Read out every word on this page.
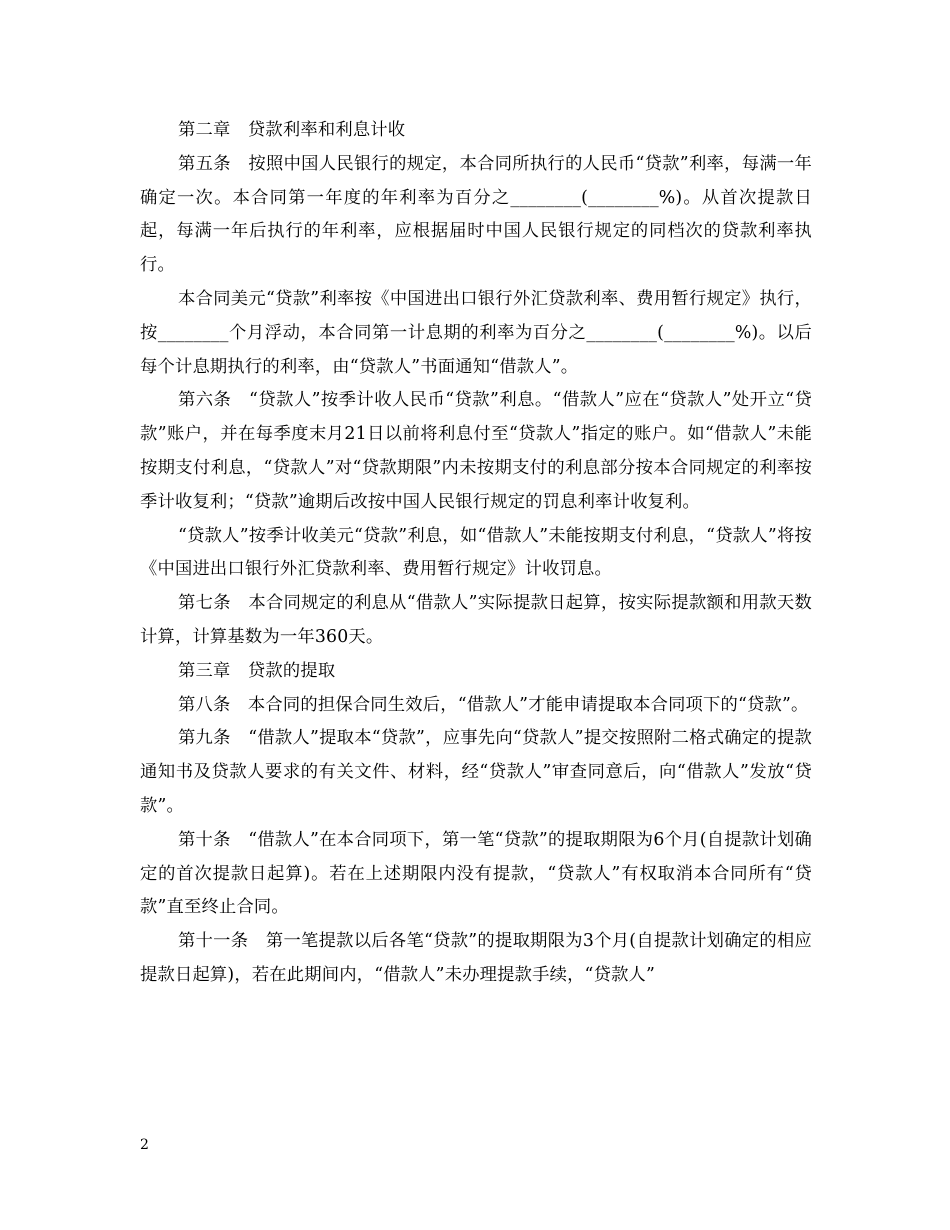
第二章　贷款利率和利息计收

第五条　按照中国人民银行的规定，本合同所执行的人民币“贷款”利率，每满一年确定一次。本合同第一年度的年利率为百分之________(________%)。从首次提款日起，每满一年后执行的年利率，应根据届时中国人民银行规定的同档次的贷款利率执行。

本合同美元“贷款”利率按《中国进出口银行外汇贷款利率、费用暂行规定》执行，按________个月浮动，本合同第一计息期的利率为百分之________(________%)。以后每个计息期执行的利率，由“贷款人”书面通知“借款人”。

第六条　“贷款人”按季计收人民币“贷款”利息。“借款人”应在“贷款人”处开立“贷款”账户，并在每季度末月21日以前将利息付至“贷款人”指定的账户。如“借款人”未能按期支付利息，“贷款人”对“贷款期限”内未按期支付的利息部分按本合同规定的利率按季计收复利；“贷款”逾期后改按中国人民银行规定的罚息利率计收复利。

“贷款人”按季计收美元“贷款”利息，如“借款人”未能按期支付利息，“贷款人”将按《中国进出口银行外汇贷款利率、费用暂行规定》计收罚息。

第七条　本合同规定的利息从“借款人”实际提款日起算，按实际提款额和用款天数计算，计算基数为一年360天。

第三章　贷款的提取

第八条　本合同的担保合同生效后，“借款人”才能申请提取本合同项下的“贷款”。

第九条　“借款人”提取本“贷款”，应事先向“贷款人”提交按照附二格式确定的提款通知书及贷款人要求的有关文件、材料，经“贷款人”审查同意后，向“借款人”发放“贷款”。

第十条　“借款人”在本合同项下，第一笔“贷款”的提取期限为6个月(自提款计划确定的首次提款日起算)。若在上述期限内没有提款，“贷款人”有权取消本合同所有“贷款”直至终止合同。

第十一条　第一笔提款以后各笔“贷款”的提取期限为3个月(自提款计划确定的相应提款日起算)，若在此期间内，“借款人”未办理提款手续，“贷款人”

2
